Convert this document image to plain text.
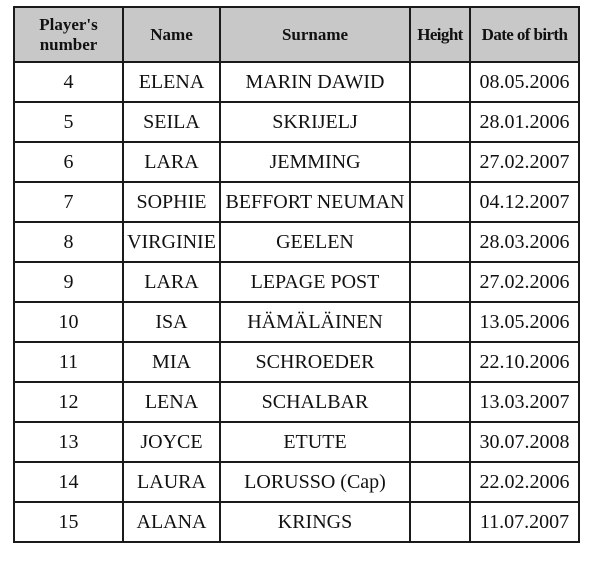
Player's number	Name	Surname	Height	Date of birth
4	ELENA	MARIN DAWID		08.05.2006
5	SEILA	SKRIJELJ		28.01.2006
6	LARA	JEMMING		27.02.2007
7	SOPHIE	BEFFORT NEUMAN		04.12.2007
8	VIRGINIE	GEELEN		28.03.2006
9	LARA	LEPAGE POST		27.02.2006
10	ISA	HÄMÄLÄINEN		13.05.2006
11	MIA	SCHROEDER		22.10.2006
12	LENA	SCHALBAR		13.03.2007
13	JOYCE	ETUTE		30.07.2008
14	LAURA	LORUSSO (Cap)		22.02.2006
15	ALANA	KRINGS		11.07.2007
